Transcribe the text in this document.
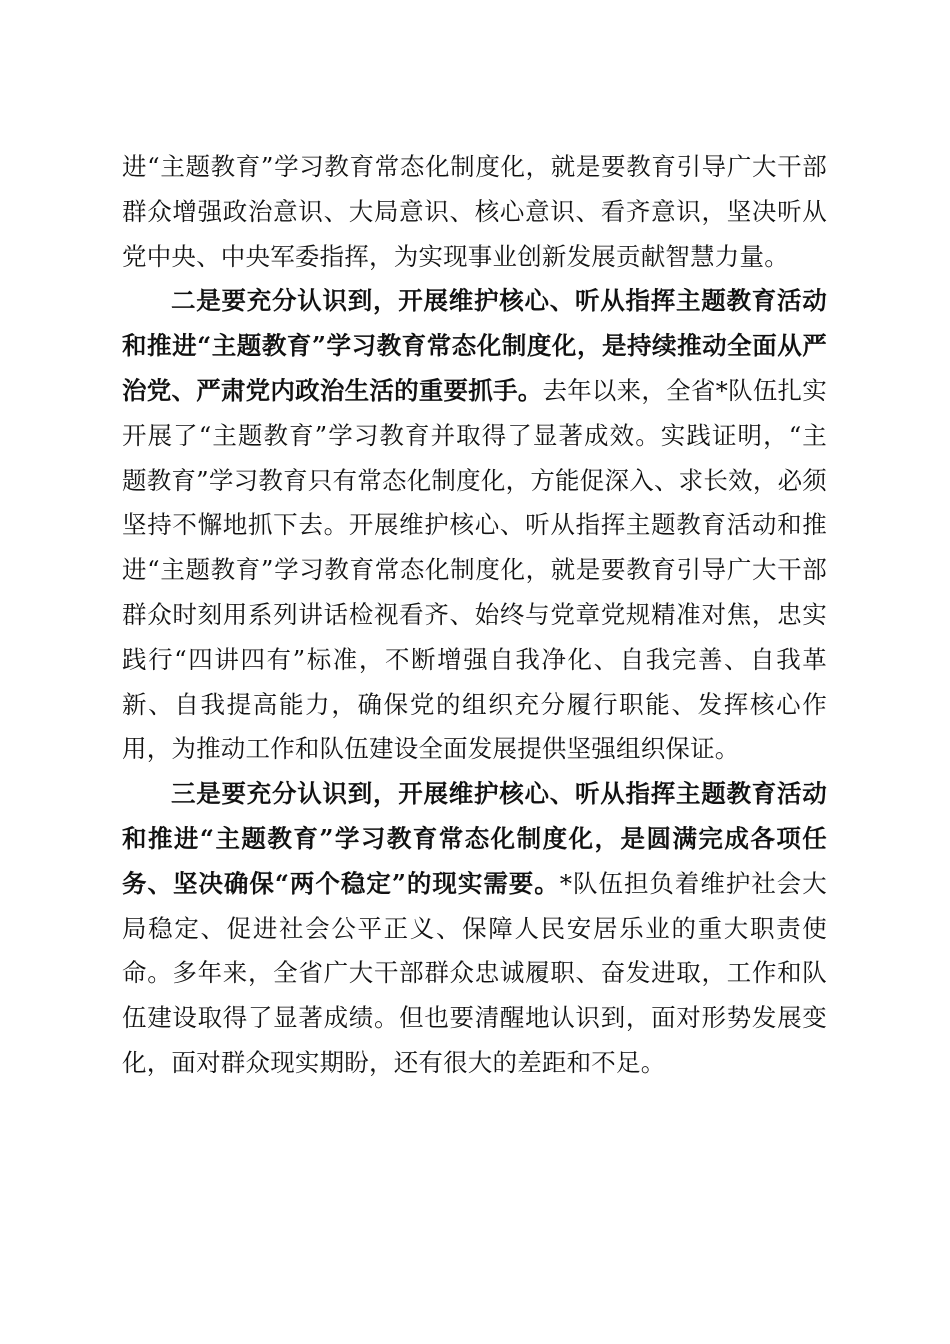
进“主题教育”学习教育常态化制度化，就是要教育引导广大干部群众增强政治意识、大局意识、核心意识、看齐意识，坚决听从党中央、中央军委指挥，为实现事业创新发展贡献智慧力量。

二是要充分认识到，开展维护核心、听从指挥主题教育活动和推进“主题教育”学习教育常态化制度化，是持续推动全面从严治党、严肃党内政治生活的重要抓手。去年以来，全省*队伍扎实开展了“主题教育”学习教育并取得了显著成效。实践证明，“主题教育”学习教育只有常态化制度化，方能促深入、求长效，必须坚持不懈地抓下去。开展维护核心、听从指挥主题教育活动和推进“主题教育”学习教育常态化制度化，就是要教育引导广大干部群众时刻用系列讲话检视看齐、始终与党章党规精准对焦，忠实践行“四讲四有”标准，不断增强自我净化、自我完善、自我革新、自我提高能力，确保党的组织充分履行职能、发挥核心作用，为推动工作和队伍建设全面发展提供坚强组织保证。

三是要充分认识到，开展维护核心、听从指挥主题教育活动和推进“主题教育”学习教育常态化制度化，是圆满完成各项任务、坚决确保“两个稳定”的现实需要。*队伍担负着维护社会大局稳定、促进社会公平正义、保障人民安居乐业的重大职责使命。多年来，全省广大干部群众忠诚履职、奋发进取，工作和队伍建设取得了显著成绩。但也要清醒地认识到，面对形势发展变化，面对群众现实期盼，还有很大的差距和不足。
